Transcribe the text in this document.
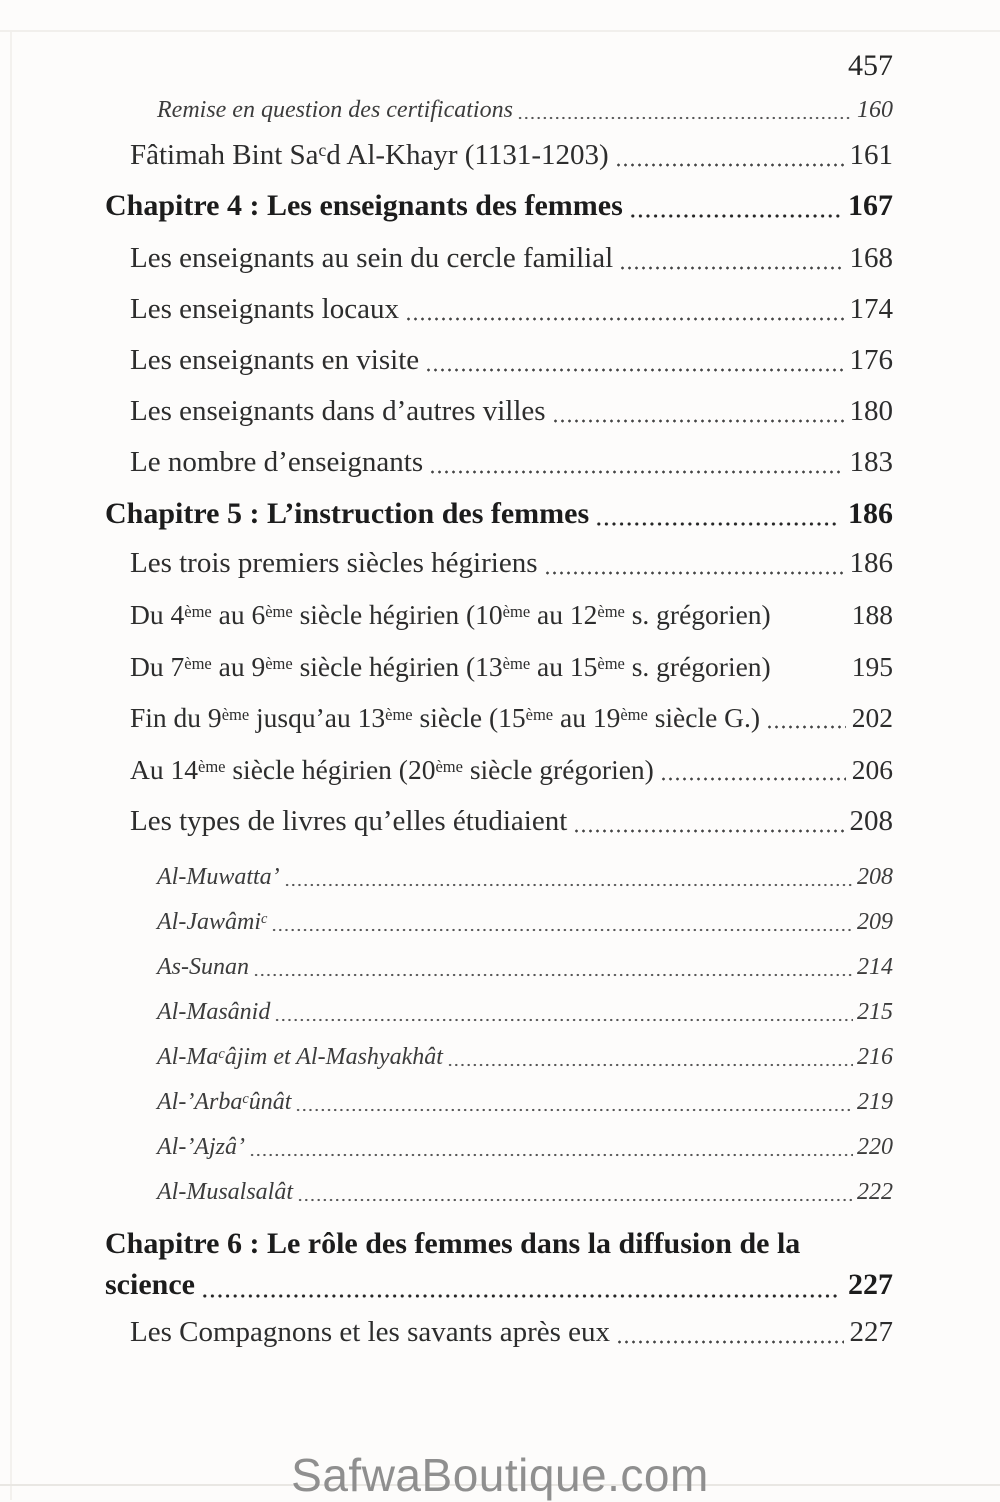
457
Remise en question des certifications	160
Fâtimah Bint Sa$^c$d Al-Khayr (1131-1203)	161
Chapitre 4 : Les enseignants des femmes	167
Les enseignants au sein du cercle familial	168
Les enseignants locaux	174
Les enseignants en visite	176
Les enseignants dans d’autres villes	180
Le nombre d’enseignants	183
Chapitre 5 : L’instruction des femmes	186
Les trois premiers siècles hégiriens	186
Du 4ème au 6ème siècle hégirien (10ème au 12ème s. grégorien)	188
Du 7ème au 9ème siècle hégirien (13ème au 15ème s. grégorien)	195
Fin du 9ème jusqu’au 13ème siècle (15ème au 19ème siècle G.)	202
Au 14ème siècle hégirien (20ème siècle grégorien)	206
Les types de livres qu’elles étudiaient	208
Al-Muwatta’	208
Al-Jawâmi$^c$	209
As-Sunan	214
Al-Masânid	215
Al-Ma$^c$âjim et Al-Mashyakhât	216
Al-’Arba$^c$ûnât	219
Al-’Ajzâ’	220
Al-Musalsalât	222
Chapitre 6 : Le rôle des femmes dans la diffusion de la
science	227
Les Compagnons et les savants après eux	227
SafwaBoutique.com
